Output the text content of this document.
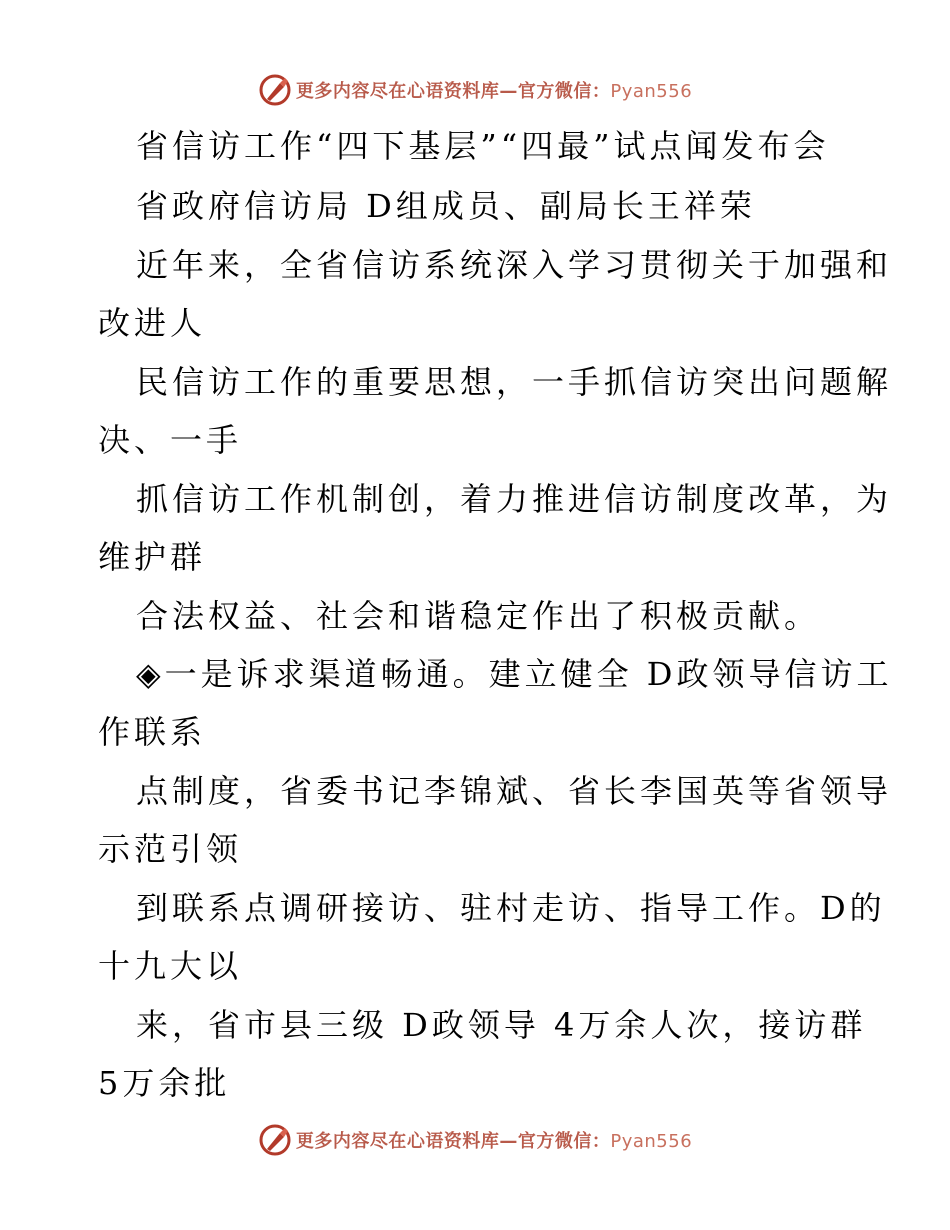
更多内容尽在心语资料库—官方微信：Pyan556
省信访工作“四下基层”“四最”试点闻发布会
省政府信访局 D组成员、副局长王祥荣
近年来，全省信访系统深入学习贯彻关于加强和
改进人
民信访工作的重要思想，一手抓信访突出问题解
决、一手
抓信访工作机制创，着力推进信访制度改革，为
维护群
合法权益、社会和谐稳定作出了积极贡献。
◈一是诉求渠道畅通。建立健全 D政领导信访工
作联系
点制度，省委书记李锦斌、省长李国英等省领导
示范引领
到联系点调研接访、驻村走访、指导工作。D的
十九大以
来，省市县三级 D政领导 4万余人次，接访群
5万余批
更多内容尽在心语资料库—官方微信：Pyan556
